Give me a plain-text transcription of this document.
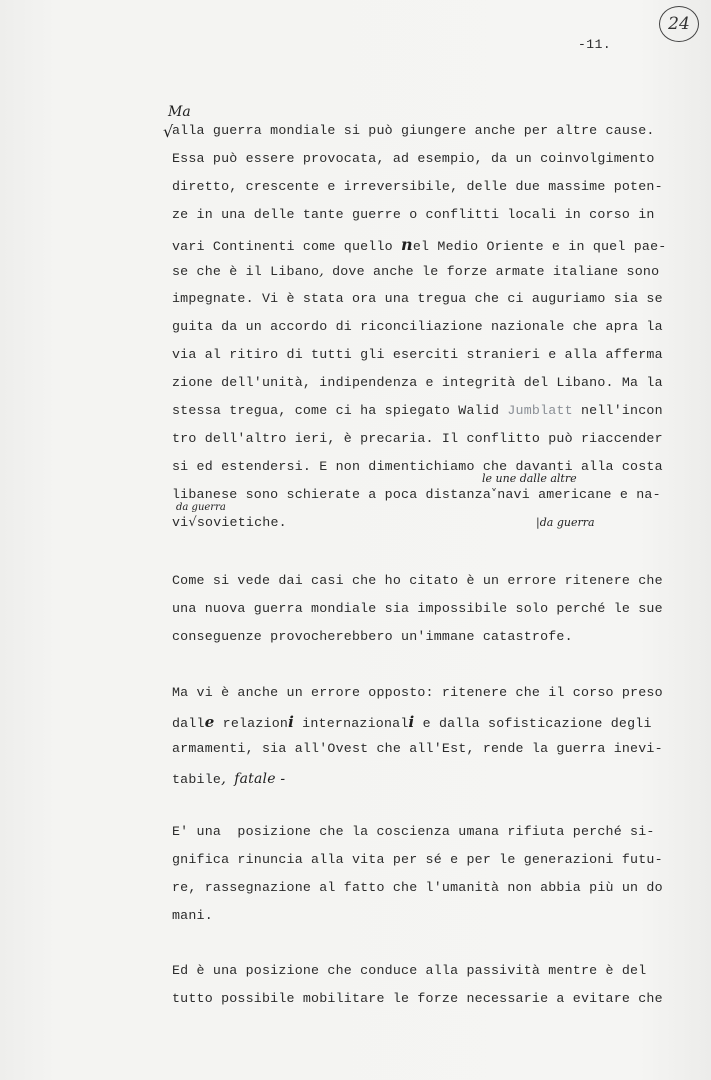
24
-11.
Ma
√
alla guerra mondiale si può giungere anche per altre cause.
Essa può essere provocata, ad esempio, da un coinvolgimento
diretto, crescente e irreversibile, delle due massime poten-
ze in una delle tante guerre o conflitti locali in corso in
vari Continenti come quello nel Medio Oriente e in quel pae-
se che è il Libano, dove anche le forze armate italiane sono
impegnate. Vi è stata ora una tregua che ci auguriamo sia se
guita da un accordo di riconciliazione nazionale che apra la
via al ritiro di tutti gli eserciti stranieri e alla afferma
zione dell'unità, indipendenza e integrità del Libano. Ma la
stessa tregua, come ci ha spiegato Walid Jumblatt nell'incon
tro dell'altro ieri, è precaria. Il conflitto può riaccender
si ed estendersi. E non dimentichiamo che davanti alla costa
libanese sono schierate a poca distanza˅navi americane e na-
vi√sovietiche.
le une dalle altre
da guerra
|da guerra
Come si vede dai casi che ho citato è un errore ritenere che
una nuova guerra mondiale sia impossibile solo perché le sue
conseguenze provocherebbero un'immane catastrofe.
Ma vi è anche un errore opposto: ritenere che il corso preso
dalle relazioni internazionali e dalla sofisticazione degli
armamenti, sia all'Ovest che all'Est, rende la guerra inevi-
tabile, fatale -
E' una  posizione che la coscienza umana rifiuta perché si-
gnifica rinuncia alla vita per sé e per le generazioni futu-
re, rassegnazione al fatto che l'umanità non abbia più un do
mani.
Ed è una posizione che conduce alla passività mentre è del
tutto possibile mobilitare le forze necessarie a evitare che
